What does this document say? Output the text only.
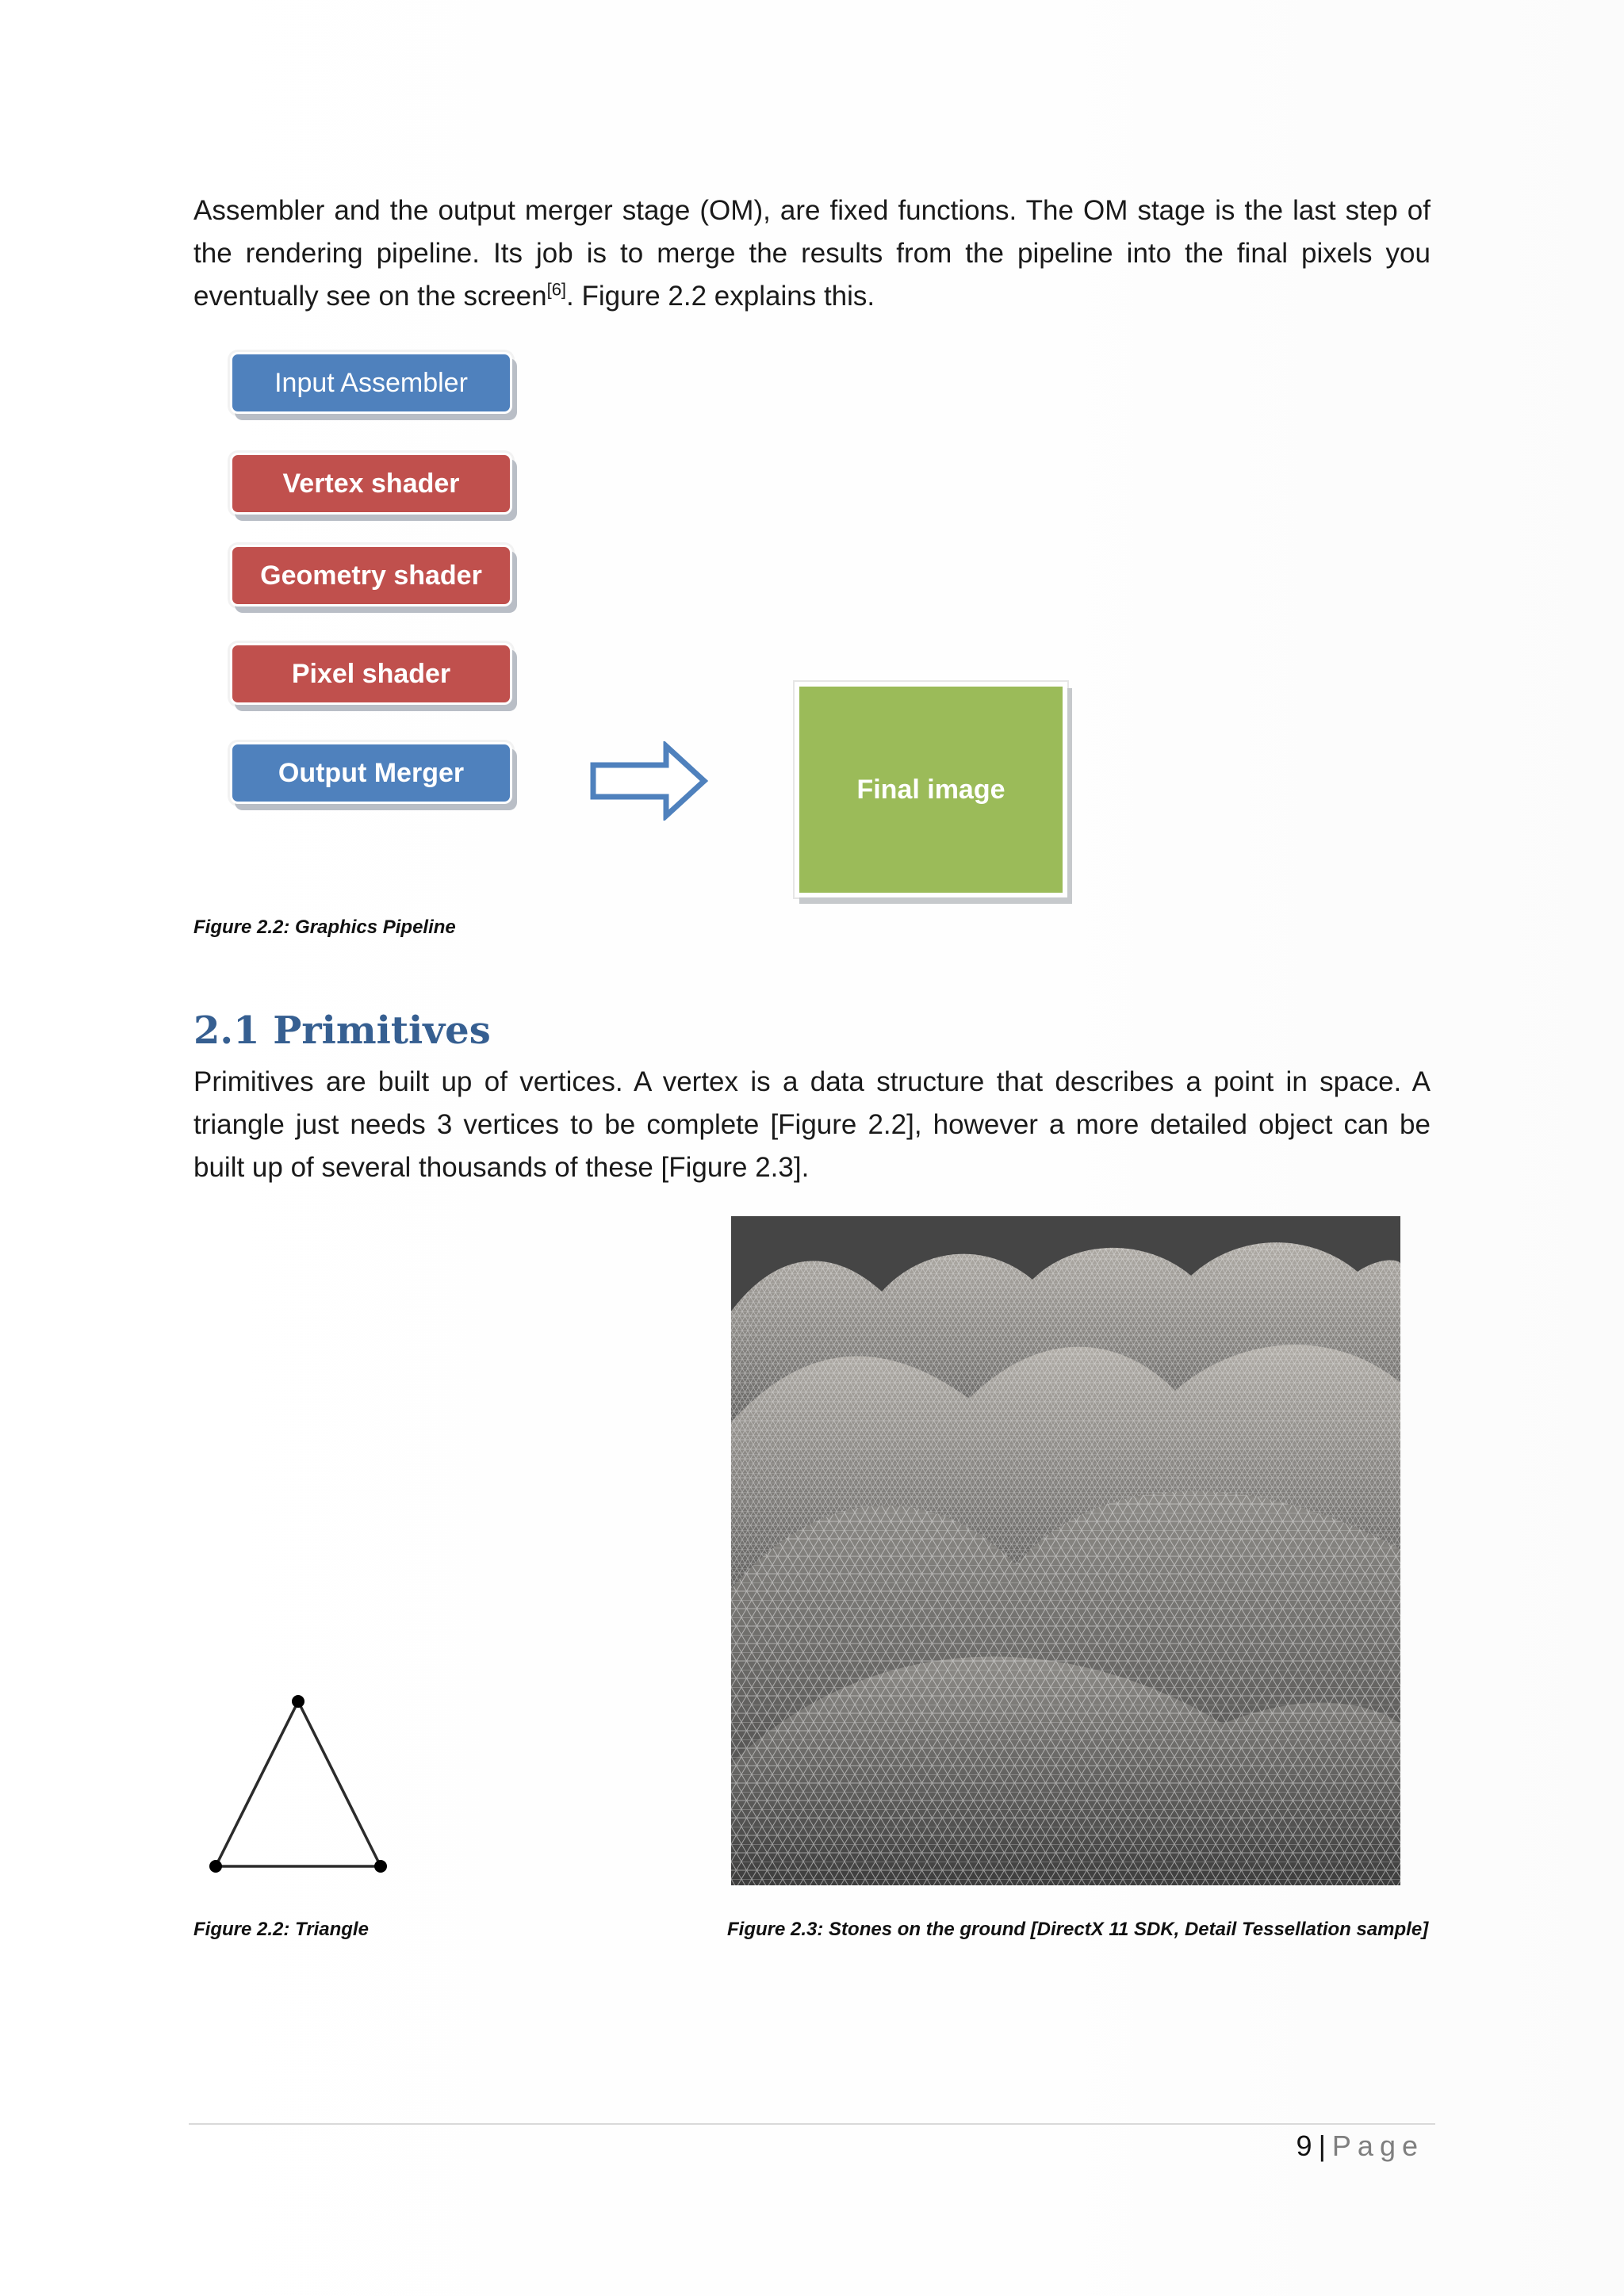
Assembler and the output merger stage (OM), are fixed functions. The OM stage is the last step of the rendering pipeline. Its job is to merge the results from the pipeline into the final pixels you eventually see on the screen[6]. Figure 2.2 explains this.

Input Assembler
Vertex shader
Geometry shader
Pixel shader
Output Merger
Final image

Figure 2.2: Graphics Pipeline

2.1 Primitives

Primitives are built up of vertices. A vertex is a data structure that describes a point in space. A triangle just needs 3 vertices to be complete [Figure 2.2], however a more detailed object can be built up of several thousands of these [Figure 2.3].

Figure 2.2: Triangle	Figure 2.3: Stones on the ground [DirectX 11 SDK, Detail Tessellation sample]

9 | Page
